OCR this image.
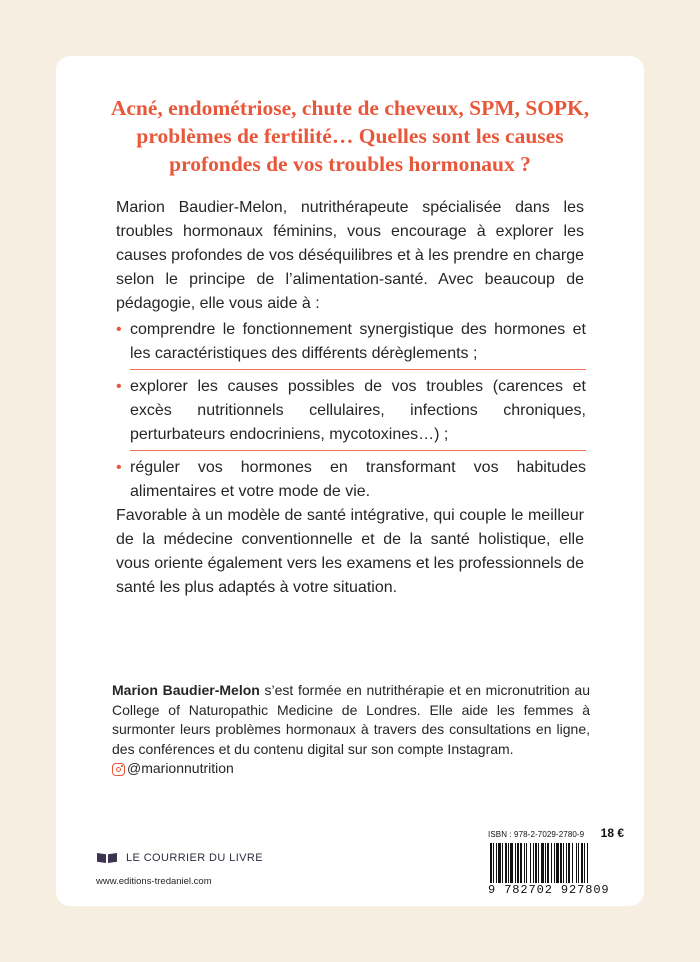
Acné, endométriose, chute de cheveux, SPM, SOPK, problèmes de fertilité… Quelles sont les causes profondes de vos troubles hormonaux ?
Marion Baudier-Melon, nutrithérapeute spécialisée dans les troubles hormonaux féminins, vous encourage à explorer les causes profondes de vos déséquilibres et à les prendre en charge selon le principe de l’alimentation-santé. Avec beaucoup de pédagogie, elle vous aide à :
• comprendre le fonctionnement synergistique des hormones et les caractéristiques des différents dérèglements ;
• explorer les causes possibles de vos troubles (carences et excès nutritionnels cellulaires, infections chroniques, perturbateurs endocriniens, mycotoxines…) ;
• réguler vos hormones en transformant vos habitudes alimentaires et votre mode de vie.
Favorable à un modèle de santé intégrative, qui couple le meilleur de la médecine conventionnelle et de la santé holistique, elle vous oriente également vers les examens et les professionnels de santé les plus adaptés à votre situation.
Marion Baudier-Melon s’est formée en nutrithérapie et en micronutrition au College of Naturopathic Medicine de Londres. Elle aide les femmes à surmonter leurs problèmes hormonaux à travers des consultations en ligne, des conférences et du contenu digital sur son compte Instagram.

@marionnutrition
LE COURRIER DU LIVRE
www.editions-tredaniel.com
ISBN : 978-2-7029-2780-9 18 €
9 782702 927809
